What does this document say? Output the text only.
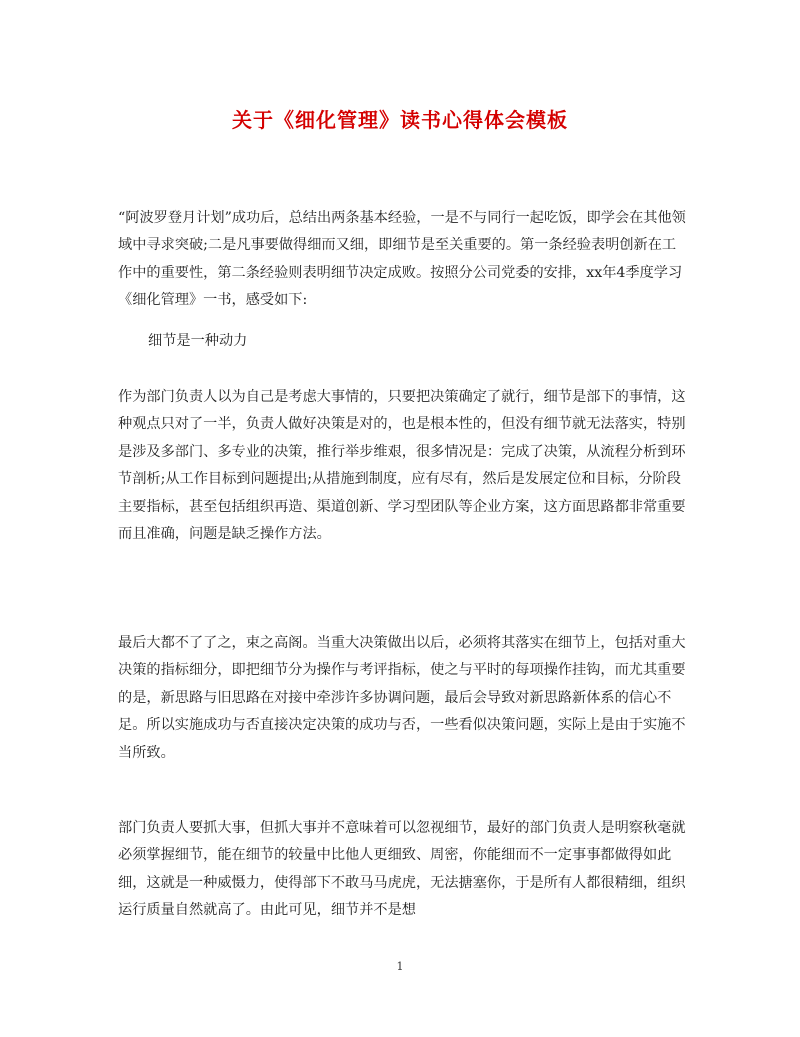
关于《细化管理》读书心得体会模板

“阿波罗登月计划”成功后，总结出两条基本经验，一是不与同行一起吃饭，即学会在其他领域中寻求突破;二是凡事要做得细而又细，即细节是至关重要的。第一条经验表明创新在工作中的重要性，第二条经验则表明细节决定成败。按照分公司党委的安排，xx年4季度学习《细化管理》一书，感受如下:

细节是一种动力

作为部门负责人以为自己是考虑大事情的，只要把决策确定了就行，细节是部下的事情，这种观点只对了一半，负责人做好决策是对的，也是根本性的，但没有细节就无法落实，特别是涉及多部门、多专业的决策，推行举步维艰，很多情况是：完成了决策，从流程分析到环节剖析;从工作目标到问题提出;从措施到制度，应有尽有，然后是发展定位和目标，分阶段主要指标，甚至包括组织再造、渠道创新、学习型团队等企业方案，这方面思路都非常重要而且准确，问题是缺乏操作方法。

最后大都不了了之，束之高阁。当重大决策做出以后，必须将其落实在细节上，包括对重大决策的指标细分，即把细节分为操作与考评指标，使之与平时的每项操作挂钩，而尤其重要的是，新思路与旧思路在对接中牵涉许多协调问题，最后会导致对新思路新体系的信心不足。所以实施成功与否直接决定决策的成功与否，一些看似决策问题，实际上是由于实施不当所致。

部门负责人要抓大事，但抓大事并不意味着可以忽视细节，最好的部门负责人是明察秋毫就必须掌握细节，能在细节的较量中比他人更细致、周密，你能细而不一定事事都做得如此细，这就是一种威慑力，使得部下不敢马马虎虎，无法搪塞你，于是所有人都很精细，组织运行质量自然就高了。由此可见，细节并不是想

1
